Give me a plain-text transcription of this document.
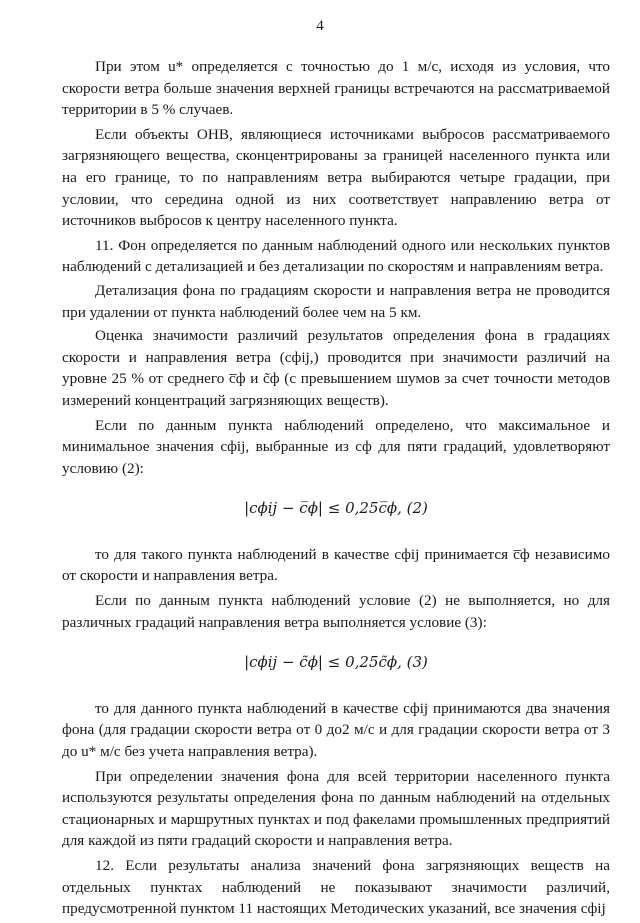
4

При этом u* определяется с точностью до 1 м/с, исходя из условия, что скорости ветра больше значения верхней границы встречаются на рассматриваемой территории в 5 % случаев.

Если объекты ОНВ, являющиеся источниками выбросов рассматриваемого загрязняющего вещества, сконцентрированы за границей населенного пункта или на его границе, то по направлениям ветра выбираются четыре градации, при условии, что середина одной из них соответствует направлению ветра от источников выбросов к центру населенного пункта.

11. Фон определяется по данным наблюдений одного или нескольких пунктов наблюдений с детализацией и без детализации по скоростям и направлениям ветра.

Детализация фона по градациям скорости и направления ветра не проводится при удалении от пункта наблюдений более чем на 5 км.

Оценка значимости различий результатов определения фона в градациях скорости и направления ветра (cфij,) проводится при значимости различий на уровне 25 % от среднего c̅ф и c̃ф (с превышением шумов за счет точности методов измерений концентраций загрязняющих веществ).

Если по данным пункта наблюдений определено, что максимальное и минимальное значения cфij, выбранные из cф для пяти градаций, удовлетворяют условию (2):

|cϕij − c̅ϕ| ≤ 0,25c̅ϕ, (2)

то для такого пункта наблюдений в качестве cфij принимается c̅ф независимо от скорости и направления ветра.

Если по данным пункта наблюдений условие (2) не выполняется, но для различных градаций направления ветра выполняется условие (3):

|cϕij − c̃ϕ| ≤ 0,25c̃ϕ, (3)

то для данного пункта наблюдений в качестве cфij принимаются два значения фона (для градации скорости ветра от 0 до2 м/с и для градации скорости ветра от 3 до u* м/с без учета направления ветра).

При определении значения фона для всей территории населенного пункта используются результаты определения фона по данным наблюдений на отдельных стационарных и маршрутных пунктах и под факелами промышленных предприятий для каждой из пяти градаций скорости и направления ветра.

12. Если результаты анализа значений фона загрязняющих веществ на отдельных пунктах наблюдений не показывают значимости различий, предусмотренной пунктом 11 настоящих Методических указаний, все значения cфij
